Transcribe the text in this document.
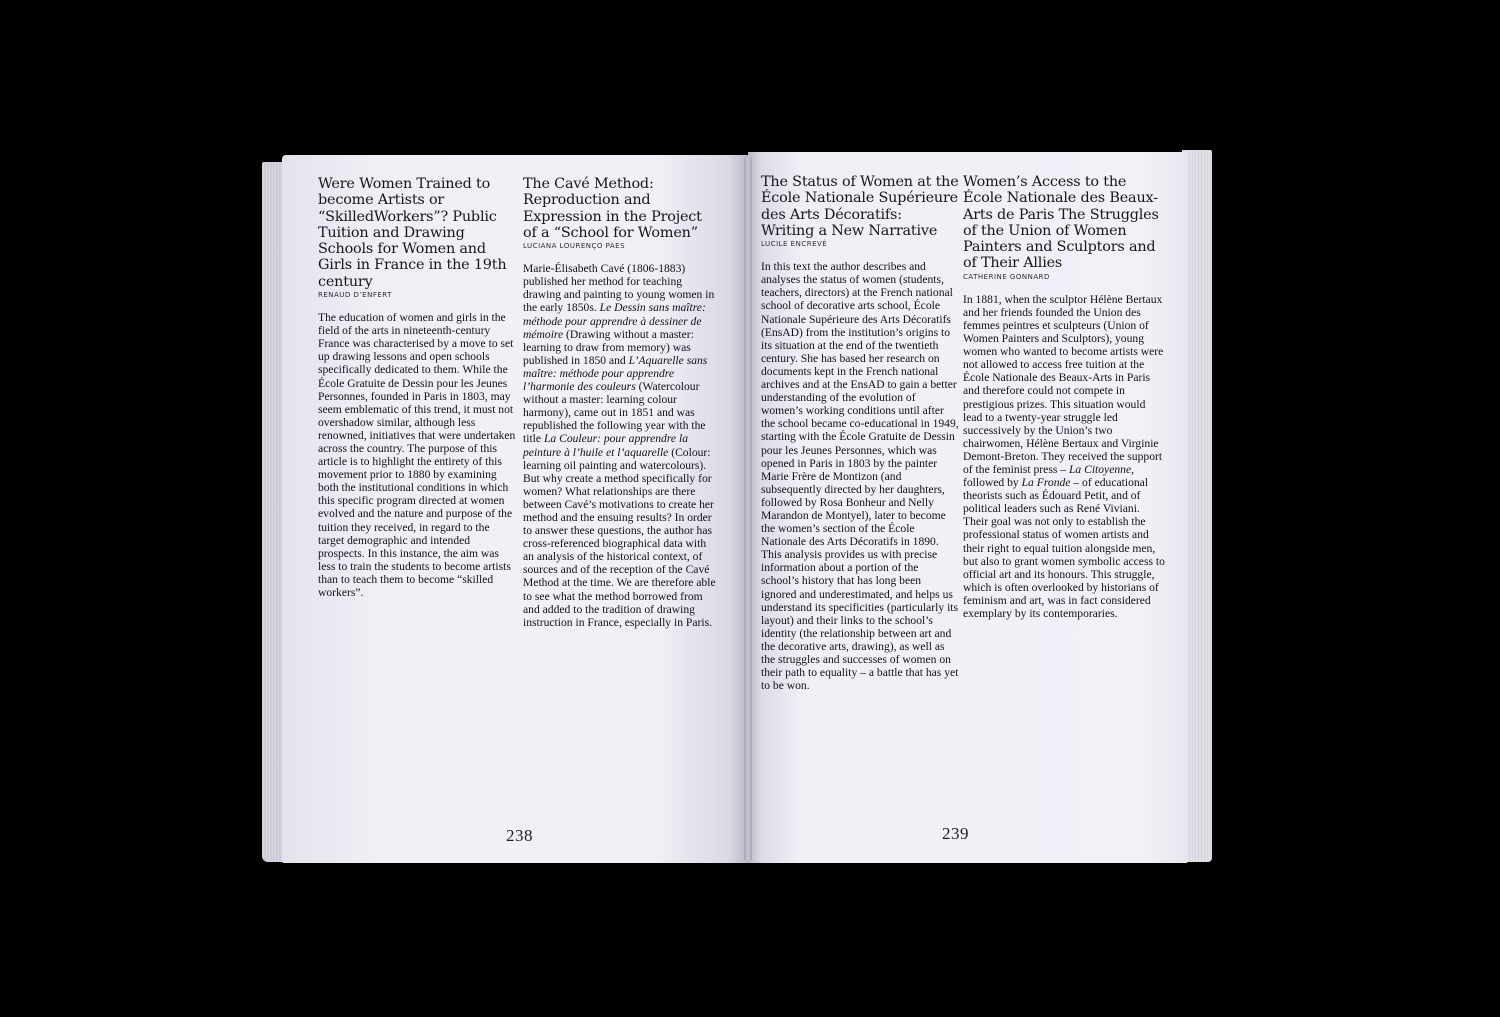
Were Women Trained to become Artists or “SkilledWorkers”? Public Tuition and Drawing Schools for Women and Girls in France in the 19th century
RENAUD D’ENFERT

The education of women and girls in the field of the arts in nineteenth-century France was characterised by a move to set up drawing lessons and open schools specifically dedicated to them. While the École Gratuite de Dessin pour les Jeunes Personnes, founded in Paris in 1803, may seem emblematic of this trend, it must not overshadow similar, although less renowned, initiatives that were undertaken across the country. The purpose of this article is to highlight the entirety of this movement prior to 1880 by examining both the institutional conditions in which this specific program directed at women evolved and the nature and purpose of the tuition they received, in regard to the target demographic and intended prospects. In this instance, the aim was less to train the students to become artists than to teach them to become “skilled workers”.

The Cavé Method: Reproduction and Expression in the Project of a “School for Women”
LUCIANA LOURENÇO PAES

Marie-Élisabeth Cavé (1806-1883) published her method for teaching drawing and painting to young women in the early 1850s. Le Dessin sans maître: méthode pour apprendre à dessiner de mémoire (Drawing without a master: learning to draw from memory) was published in 1850 and L’Aquarelle sans maître: méthode pour apprendre l’harmonie des couleurs (Watercolour without a master: learning colour harmony), came out in 1851 and was republished the following year with the title La Couleur: pour apprendre la peinture à l’huile et l’aquarelle (Colour: learning oil painting and watercolours). But why create a method specifically for women? What relationships are there between Cavé’s motivations to create her method and the ensuing results? In order to answer these questions, the author has cross-referenced biographical data with an analysis of the historical context, of sources and of the reception of the Cavé Method at the time. We are therefore able to see what the method borrowed from and added to the tradition of drawing instruction in France, especially in Paris.

The Status of Women at the École Nationale Supérieure des Arts Décoratifs: Writing a New Narrative
LUCILE ENCREVÉ

In this text the author describes and analyses the status of women (students, teachers, directors) at the French national school of decorative arts school, École Nationale Supérieure des Arts Décoratifs (EnsAD) from the institution’s origins to its situation at the end of the twentieth century. She has based her research on documents kept in the French national archives and at the EnsAD to gain a better understanding of the evolution of women’s working conditions until after the school became co-educational in 1949, starting with the École Gratuite de Dessin pour les Jeunes Personnes, which was opened in Paris in 1803 by the painter Marie Frère de Montizon (and subsequently directed by her daughters, followed by Rosa Bonheur and Nelly Marandon de Montyel), later to become the women’s section of the École Nationale des Arts Décoratifs in 1890. This analysis provides us with precise information about a portion of the school’s history that has long been ignored and underestimated, and helps us understand its specificities (particularly its layout) and their links to the school’s identity (the relationship between art and the decorative arts, drawing), as well as the struggles and successes of women on their path to equality – a battle that has yet to be won.

Women’s Access to the École Nationale des Beaux-Arts de Paris The Struggles of the Union of Women Painters and Sculptors and of Their Allies
CATHERINE GONNARD

In 1881, when the sculptor Hélène Bertaux and her friends founded the Union des femmes peintres et sculpteurs (Union of Women Painters and Sculptors), young women who wanted to become artists were not allowed to access free tuition at the École Nationale des Beaux-Arts in Paris and therefore could not compete in prestigious prizes. This situation would lead to a twenty-year struggle led successively by the Union’s two chairwomen, Hélène Bertaux and Virginie Demont-Breton. They received the support of the feminist press – La Citoyenne, followed by La Fronde – of educational theorists such as Édouard Petit, and of political leaders such as René Viviani. Their goal was not only to establish the professional status of women artists and their right to equal tuition alongside men, but also to grant women symbolic access to official art and its honours. This struggle, which is often overlooked by historians of feminism and art, was in fact considered exemplary by its contemporaries.

238	239
